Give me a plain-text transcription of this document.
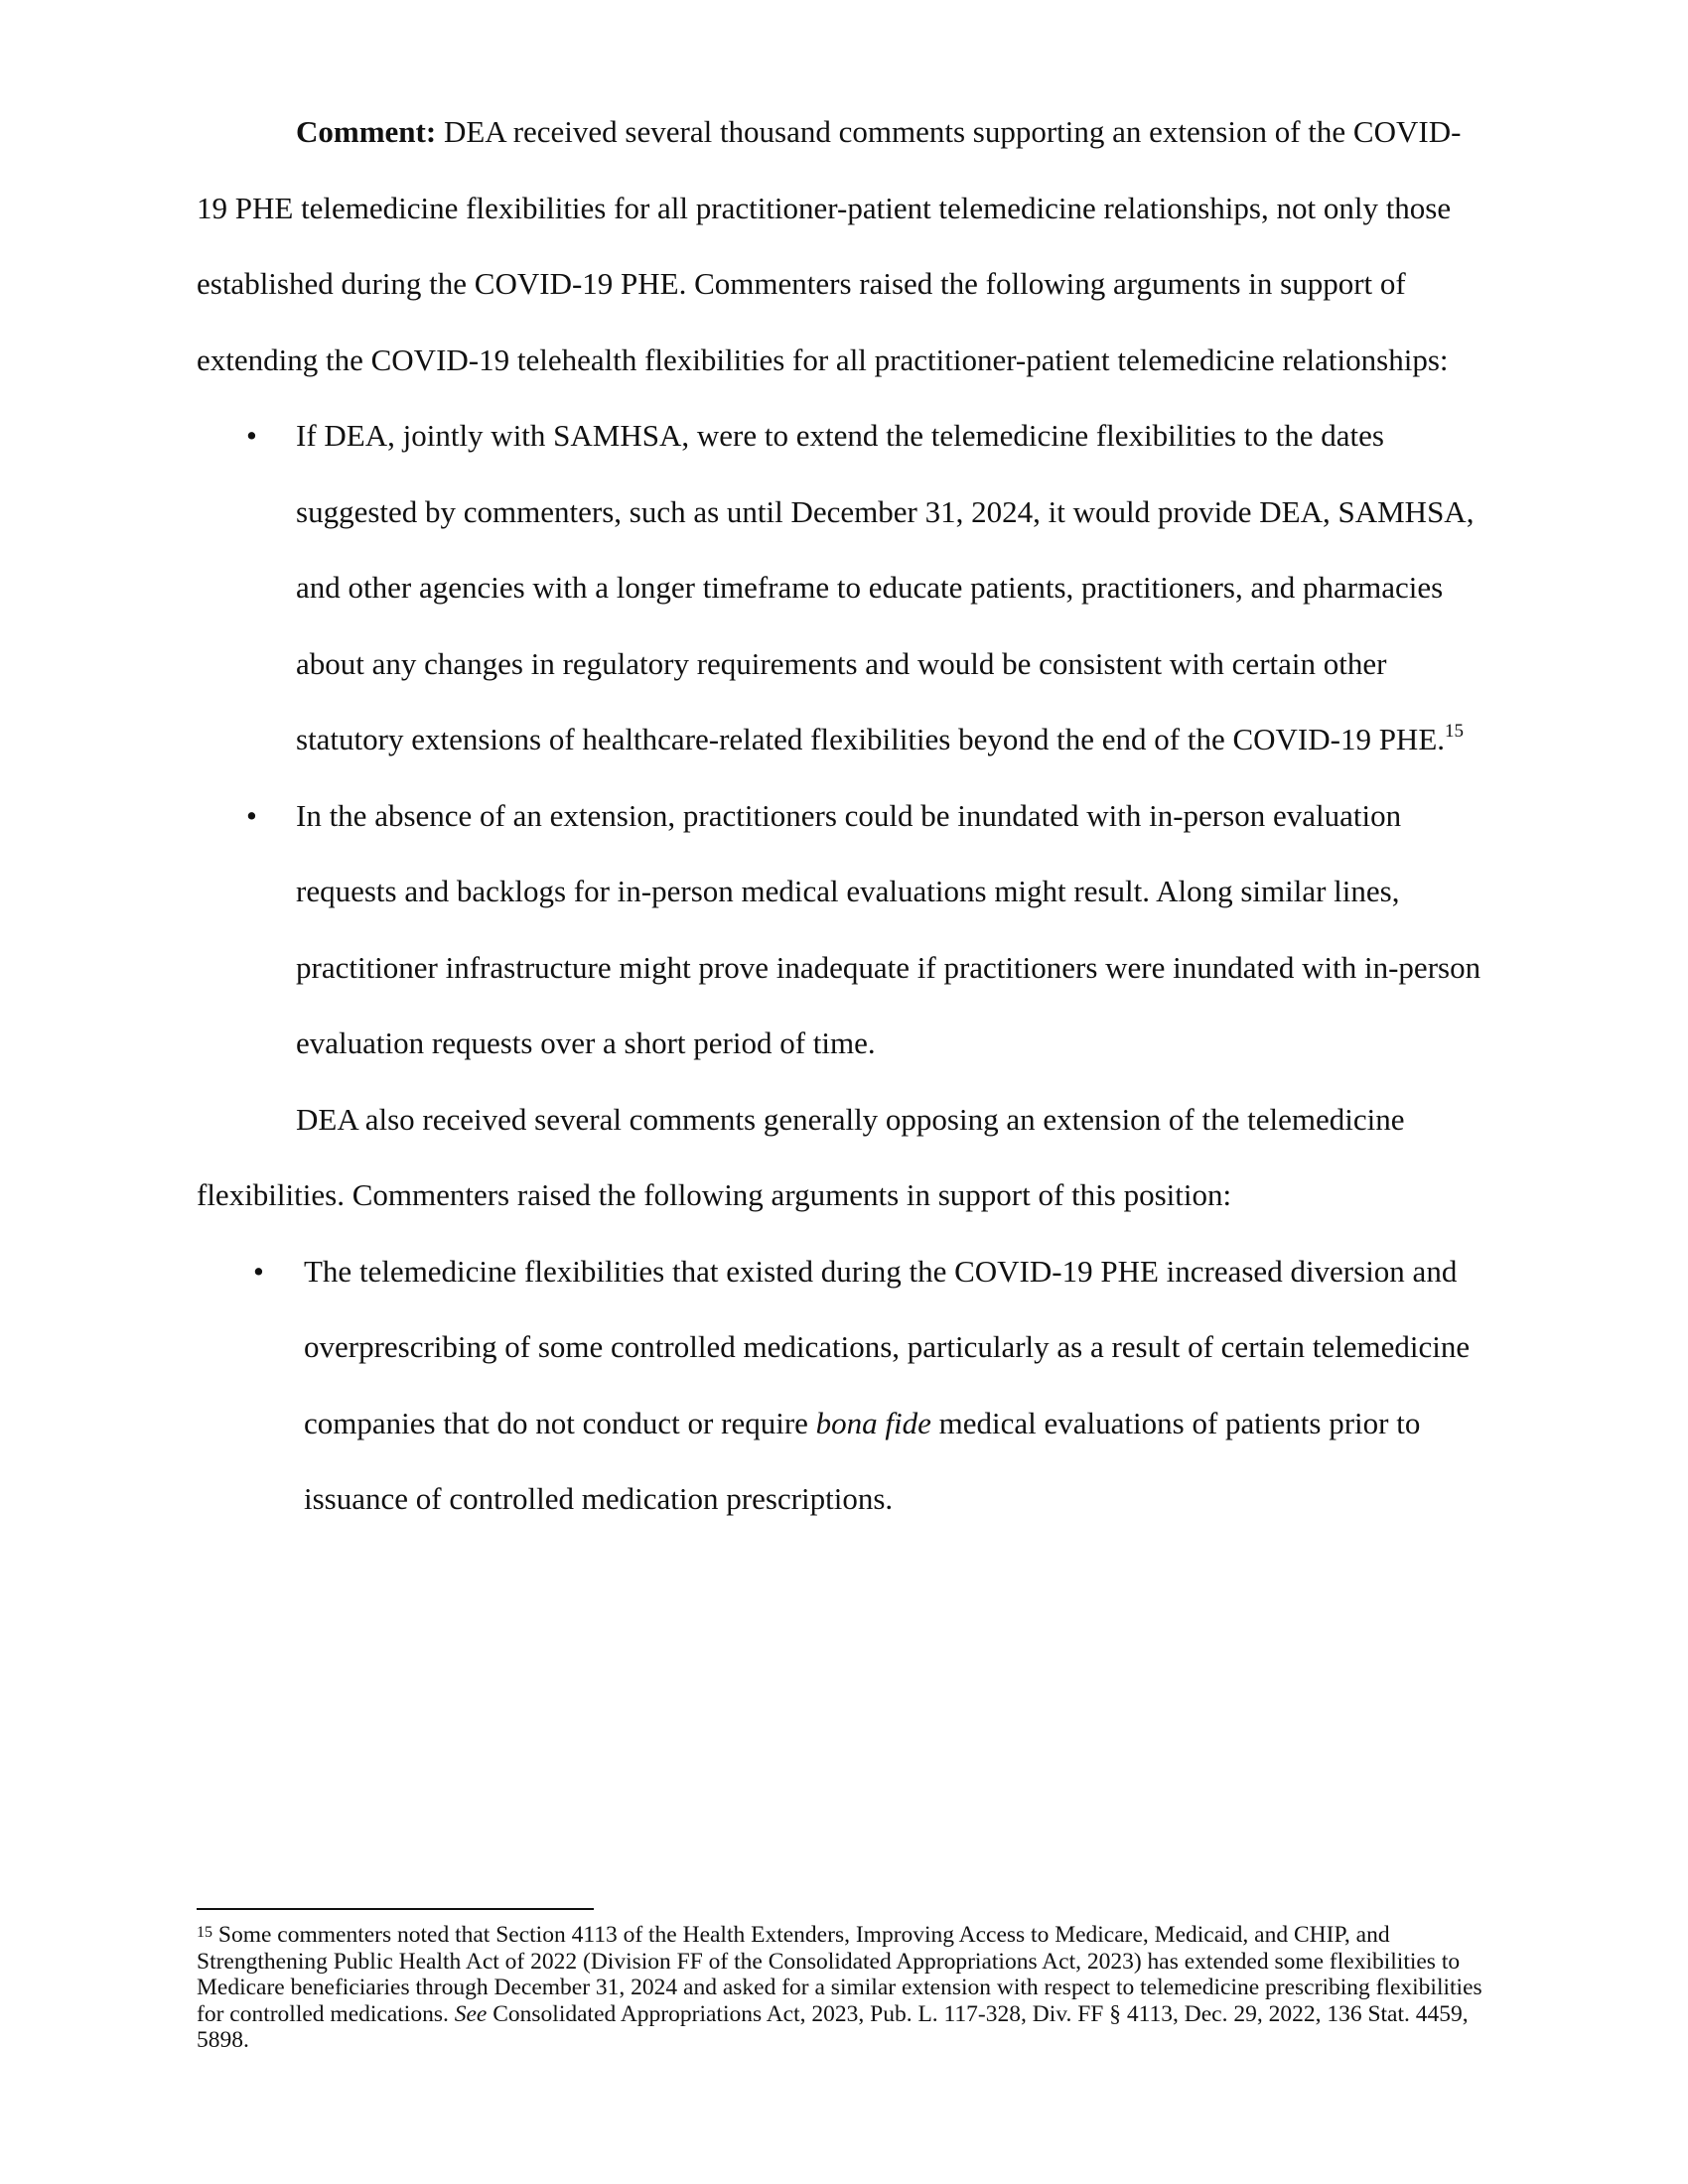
Comment: DEA received several thousand comments supporting an extension of the COVID-19 PHE telemedicine flexibilities for all practitioner-patient telemedicine relationships, not only those established during the COVID-19 PHE. Commenters raised the following arguments in support of extending the COVID-19 telehealth flexibilities for all practitioner-patient telemedicine relationships:

• If DEA, jointly with SAMHSA, were to extend the telemedicine flexibilities to the dates suggested by commenters, such as until December 31, 2024, it would provide DEA, SAMHSA, and other agencies with a longer timeframe to educate patients, practitioners, and pharmacies about any changes in regulatory requirements and would be consistent with certain other statutory extensions of healthcare-related flexibilities beyond the end of the COVID-19 PHE.$^{15}$
• In the absence of an extension, practitioners could be inundated with in-person evaluation requests and backlogs for in-person medical evaluations might result. Along similar lines, practitioner infrastructure might prove inadequate if practitioners were inundated with in-person evaluation requests over a short period of time.

DEA also received several comments generally opposing an extension of the telemedicine flexibilities. Commenters raised the following arguments in support of this position:

• The telemedicine flexibilities that existed during the COVID-19 PHE increased diversion and overprescribing of some controlled medications, particularly as a result of certain telemedicine companies that do not conduct or require bona fide medical evaluations of patients prior to issuance of controlled medication prescriptions.
$^{15}$ Some commenters noted that Section 4113 of the Health Extenders, Improving Access to Medicare, Medicaid, and CHIP, and Strengthening Public Health Act of 2022 (Division FF of the Consolidated Appropriations Act, 2023) has extended some flexibilities to Medicare beneficiaries through December 31, 2024 and asked for a similar extension with respect to telemedicine prescribing flexibilities for controlled medications. See Consolidated Appropriations Act, 2023, Pub. L. 117-328, Div. FF § 4113, Dec. 29, 2022, 136 Stat. 4459, 5898.
